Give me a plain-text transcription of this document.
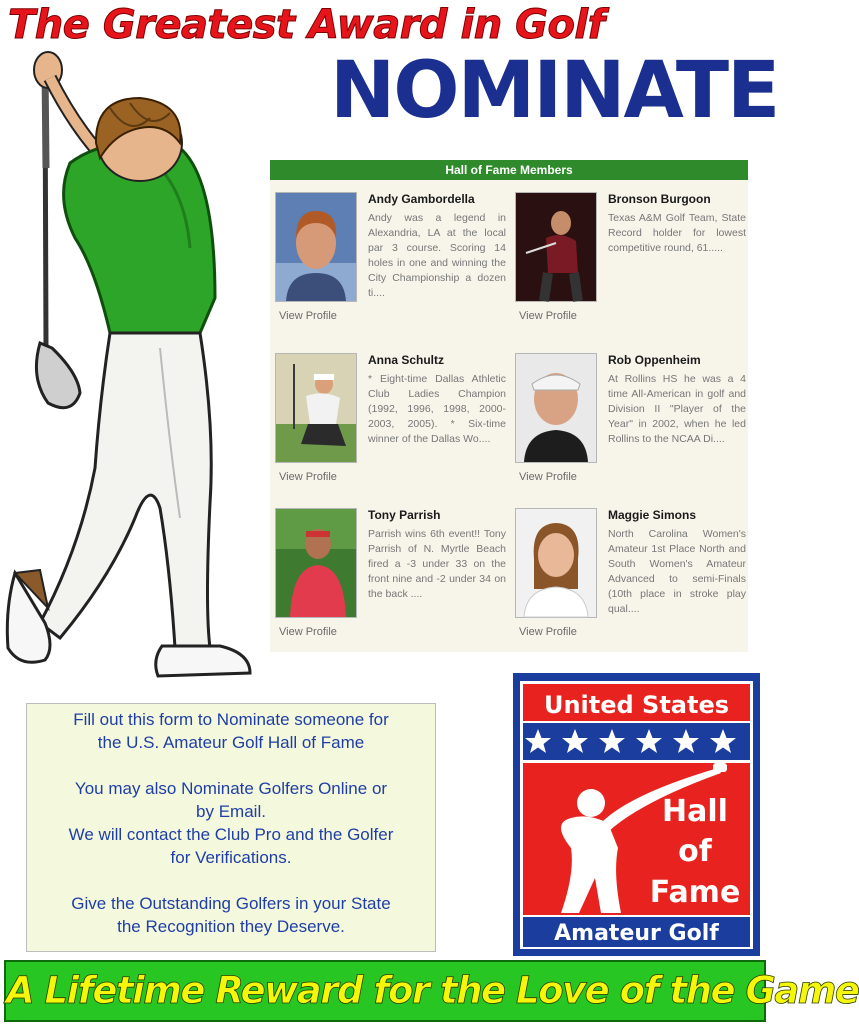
The Greatest Award in Golf
NOMINATE
Hall of Fame Members
Andy Gambordella

Andy was a legend in Alexandria, LA at the local par 3 course. Scoring 14 holes in one and winning the City Championship a dozen ti....

View Profile
Bronson Burgoon

Texas A&M Golf Team, State Record holder for lowest competitive round, 61.....

View Profile
Anna Schultz

* Eight-time Dallas Athletic Club Ladies Champion (1992, 1996, 1998, 2000-2003, 2005). * Six-time winner of the Dallas Wo....

View Profile
Rob Oppenheim

At Rollins HS he was a 4 time All-American in golf and Division II "Player of the Year" in 2002, when he led Rollins to the NCAA Di....

View Profile
Tony Parrish

Parrish wins 6th event!! Tony Parrish of N. Myrtle Beach fired a -3 under 33 on the front nine and -2 under 34 on the back ....

View Profile
Maggie Simons

North Carolina Women's Amateur 1st Place North and South Women's Amateur Advanced to semi-Finals (10th place in stroke play qual....

View Profile

Fill out this form to Nominate someone for

the U.S. Amateur Golf Hall of Fame

You may also Nominate Golfers Online or

by Email.

We will contact the Club Pro and the Golfer

for Verifications.

Give the Outstanding Golfers in your State

the Recognition they Deserve.

United States
Hall
of
Fame
Amateur Golf
A Lifetime Reward for the Love of the Game
